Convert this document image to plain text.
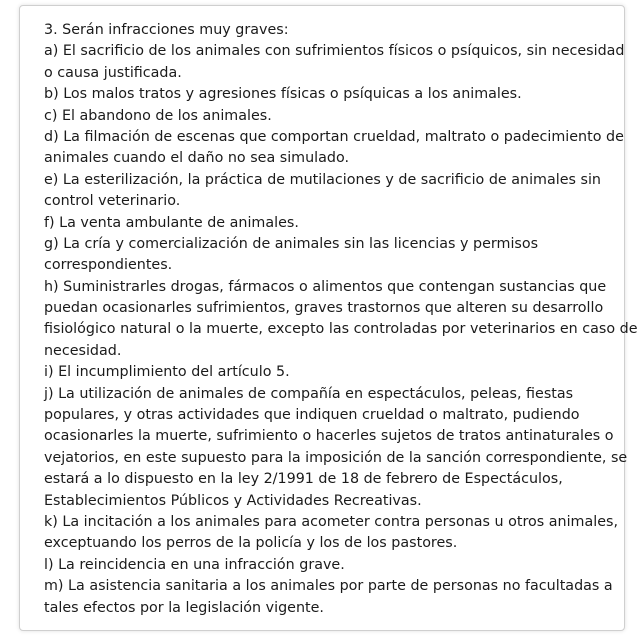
3. Serán infracciones muy graves:
a) El sacrificio de los animales con sufrimientos físicos o psíquicos, sin necesidad
o causa justificada.
b) Los malos tratos y agresiones físicas o psíquicas a los animales.
c) El abandono de los animales.
d) La filmación de escenas que comportan crueldad, maltrato o padecimiento de
animales cuando el daño no sea simulado.
e) La esterilización, la práctica de mutilaciones y de sacrificio de animales sin
control veterinario.
f) La venta ambulante de animales.
g) La cría y comercialización de animales sin las licencias y permisos
correspondientes.
h) Suministrarles drogas, fármacos o alimentos que contengan sustancias que
puedan ocasionarles sufrimientos, graves trastornos que alteren su desarrollo
fisiológico natural o la muerte, excepto las controladas por veterinarios en caso de
necesidad.
i) El incumplimiento del artículo 5.
j) La utilización de animales de compañía en espectáculos, peleas, fiestas
populares, y otras actividades que indiquen crueldad o maltrato, pudiendo
ocasionarles la muerte, sufrimiento o hacerles sujetos de tratos antinaturales o
vejatorios, en este supuesto para la imposición de la sanción correspondiente, se
estará a lo dispuesto en la ley 2/1991 de 18 de febrero de Espectáculos,
Establecimientos Públicos y Actividades Recreativas.
k) La incitación a los animales para acometer contra personas u otros animales,
exceptuando los perros de la policía y los de los pastores.
l) La reincidencia en una infracción grave.
m) La asistencia sanitaria a los animales por parte de personas no facultadas a
tales efectos por la legislación vigente.
